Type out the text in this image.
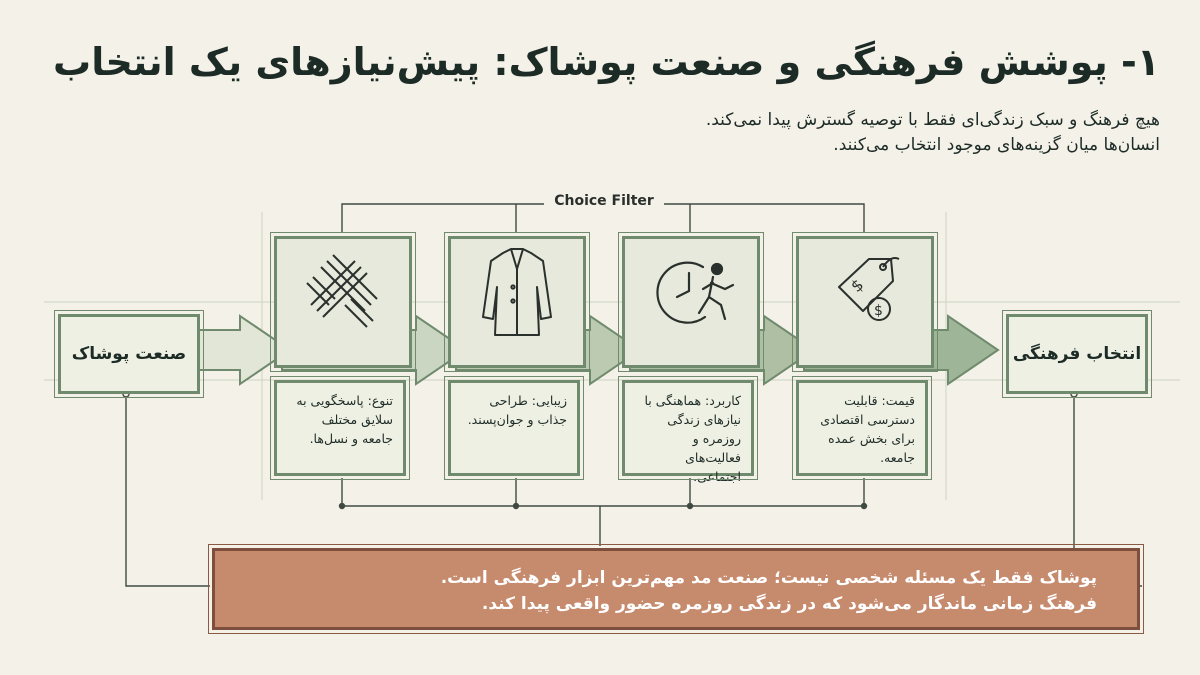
۱- پوشش فرهنگی و صنعت پوشاک: پیش‌نیازهای یک انتخاب
هیچ فرهنگ و سبک زندگی‌ای فقط با توصیه گسترش پیدا نمی‌کند.
انسان‌ها میان گزینه‌های موجود انتخاب می‌کنند.
صنعت پوشاک	انتخاب فرهنگی
Choice Filter
$
$
تنوع: پاسخگویی به سلایق مختلف جامعه و نسل‌ها.
زیبایی: طراحی جذاب و جوان‌پسند.
کاربرد: هماهنگی با نیازهای زندگی روزمره و فعالیت‌های اجتماعی.
قیمت: قابلیت دسترسی اقتصادی برای بخش عمده جامعه.
پوشاک فقط یک مسئله شخصی نیست؛ صنعت مد مهم‌ترین ابزار فرهنگی است.
فرهنگ زمانی ماندگار می‌شود که در زندگی روزمره حضور واقعی پیدا کند.
